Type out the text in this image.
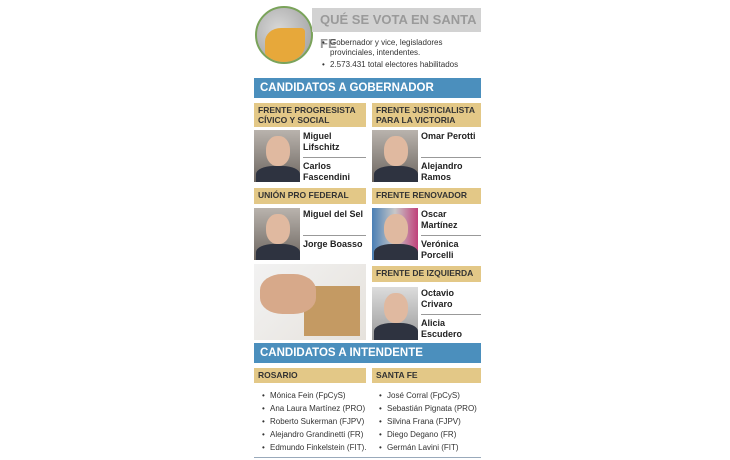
QUÉ SE VOTA EN SANTA FE
• Gobernador y vice, legisladores provinciales, intendentes.
• 2.573.431 total electores habilitados
CANDIDATOS A GOBERNADOR
FRENTE PROGRESISTA CÍVICO Y SOCIAL
Miguel Lifschitz
Carlos Fascendini
FRENTE JUSTICIALISTA PARA LA VICTORIA
Omar Perotti
Alejandro Ramos
UNIÓN PRO FEDERAL
Miguel del Sel
Jorge Boasso
FRENTE RENOVADOR
Oscar Martínez
Verónica Porcelli
FRENTE DE IZQUIERDA
Octavio Crivaro
Alicia Escudero
CANDIDATOS A INTENDENTE
ROSARIO	SANTA FE
• Mónica Fein (FpCyS)
• Ana Laura Martínez (PRO)
• Roberto Sukerman (FJPV)
• Alejandro Grandinetti (FR)
• Edmundo Finkelstein (FIT).
• José Corral (FpCyS)
• Sebastián Pignata (PRO)
• Silvina Frana (FJPV)
• Diego Degano (FR)
• Germán Lavini (FIT)
